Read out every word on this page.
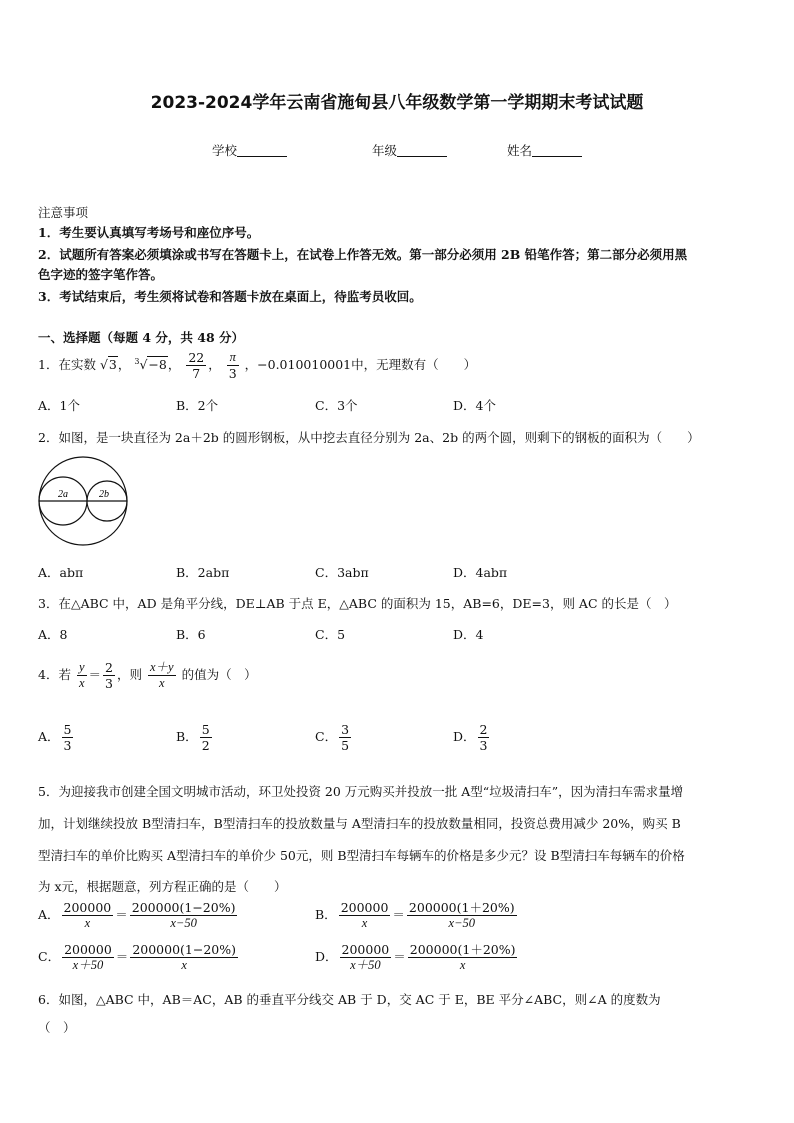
2023-2024学年云南省施甸县八年级数学第一学期期末考试试题
学校	年级	姓名
注意事项
1．考生要认真填写考场号和座位序号。
2．试题所有答案必须填涂或书写在答题卡上，在试卷上作答无效。第一部分必须用 2B 铅笔作答；第二部分必须用黑
色字迹的签字笔作答。
3．考试结束后，考生须将试卷和答题卡放在桌面上，待监考员收回。
一、选择题（每题 4 分，共 48 分）
1．在实数 √3， $^3$√−8， $\frac{22}{7}$ ， $\frac{\pi}{3}$ ，−0.010010001中，无理数有（　　）
A．1个	B．2个	C．3个	D．4个
2．如图，是一块直径为 2a＋2b 的圆形钢板，从中挖去直径分别为 2a、2b 的两个圆，则剩下的钢板的面积为（　　）
2a	2b
A．abπ	B．2abπ	C．3abπ	D．4abπ
3．在△ABC 中，AD 是角平分线，DE⊥AB 于点 E，△ABC 的面积为 15，AB=6，DE=3，则 AC 的长是（　）
A．8	B．6	C．5	D．4
4．若 $\frac{y}{x} = \frac{2}{3}$ ，则 $\frac{x+y}{x}$ 的值为（　）
A． $\frac{5}{3}$	B． $\frac{5}{2}$	C． $\frac{3}{5}$	D． $\frac{2}{3}$
5．为迎接我市创建全国文明城市活动，环卫处投资 20 万元购买并投放一批 A型“垃圾清扫车”，因为清扫车需求量增
加，计划继续投放 B型清扫车，B型清扫车的投放数量与 A型清扫车的投放数量相同，投资总费用减少 20%，购买 B
型清扫车的单价比购买 A型清扫车的单价少 50元，则 B型清扫车每辆车的价格是多少元？设 B型清扫车每辆车的价格
为 x元，根据题意，列方程正确的是（　　）
A． $\frac{200000}{x} = \frac{200000(1-20\%)}{x-50}$	B． $\frac{200000}{x} = \frac{200000(1+20\%)}{x-50}$
C． $\frac{200000}{x+50} = \frac{200000(1-20\%)}{x}$	D． $\frac{200000}{x+50} = \frac{200000(1+20\%)}{x}$
6．如图，△ABC 中，AB＝AC，AB 的垂直平分线交 AB 于 D，交 AC 于 E，BE 平分∠ABC，则∠A 的度数为
（　）
